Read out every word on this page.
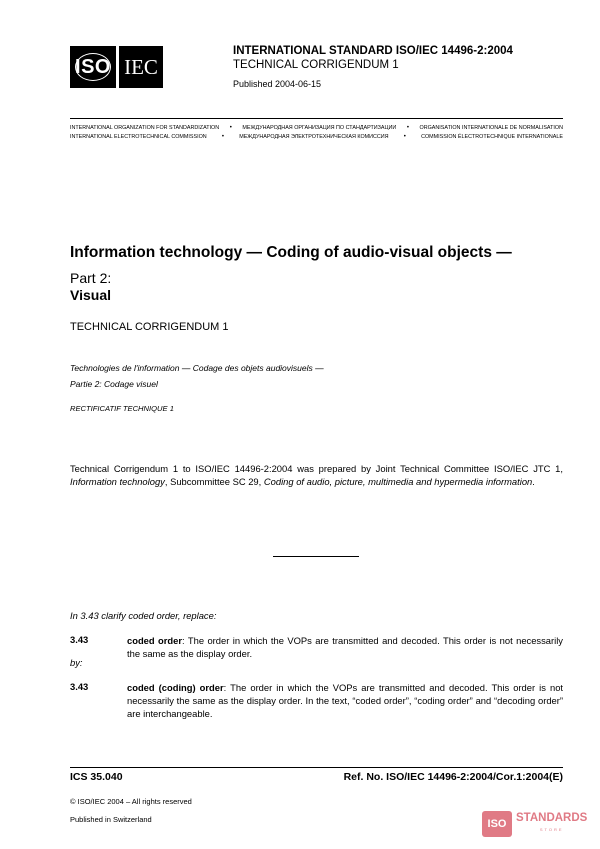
ISO IEC
INTERNATIONAL STANDARD ISO/IEC 14496-2:2004
TECHNICAL CORRIGENDUM 1
Published 2004-06-15
INTERNATIONAL ORGANIZATION FOR STANDARDIZATION • МЕЖДУНАРОДНАЯ ОРГАНИЗАЦИЯ ПО СТАНДАРТИЗАЦИИ • ORGANISATION INTERNATIONALE DE NORMALISATION
INTERNATIONAL ELECTROTECHNICAL COMMISSION	•	МЕЖДУНАРОДНАЯ ЭЛЕКТРОТЕХНИЧЕСКАЯ КОМИССИЯ	•	COMMISSION ÉLECTROTECHNIQUE INTERNATIONALE
Information technology — Coding of audio-visual objects —
Part 2:
Visual
TECHNICAL CORRIGENDUM 1
Technologies de l'information — Codage des objets audiovisuels —
Partie 2: Codage visuel
RECTIFICATIF TECHNIQUE 1
Technical Corrigendum 1 to ISO/IEC 14496-2:2004 was prepared by Joint Technical Committee ISO/IEC JTC 1, Information technology, Subcommittee SC 29, Coding of audio, picture, multimedia and hypermedia information.
In 3.43 clarify coded order, replace:
3.43	coded order: The order in which the VOPs are transmitted and decoded. This order is not necessarily the same as the display order.
by:
3.43	coded (coding) order: The order in which the VOPs are transmitted and decoded. This order is not necessarily the same as the display order. In the text, “coded order”, “coding order” and “decoding order” are interchangeable.
ICS 35.040	Ref. No. ISO/IEC 14496-2:2004/Cor.1:2004(E)
© ISO/IEC 2004 – All rights reserved
Published in Switzerland	ISO STANDARDS
STORE
